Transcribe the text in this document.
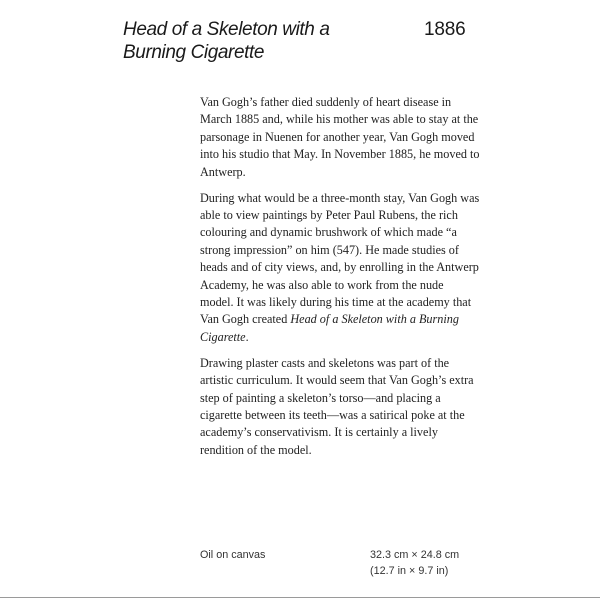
Head of a Skeleton with a Burning Cigarette
1886

Van Gogh’s father died suddenly of heart disease in March 1885 and, while his mother was able to stay at the parsonage in Nuenen for another year, Van Gogh moved into his studio that May. In November 1885, he moved to Antwerp.

During what would be a three-month stay, Van Gogh was able to view paintings by Peter Paul Rubens, the rich colouring and dynamic brushwork of which made “a strong impression” on him (547). He made studies of heads and of city views, and, by enrolling in the Antwerp Academy, he was also able to work from the nude model. It was likely during his time at the academy that Van Gogh created Head of a Skeleton with a Burning Cigarette.

Drawing plaster casts and skeletons was part of the artistic curriculum. It would seem that Van Gogh’s extra step of painting a skeleton’s torso—and placing a cigarette between its teeth—was a satirical poke at the academy’s conservativism. It is certainly a lively rendition of the model.

Oil on canvas	32.3 cm × 24.8 cm
(12.7 in × 9.7 in)
